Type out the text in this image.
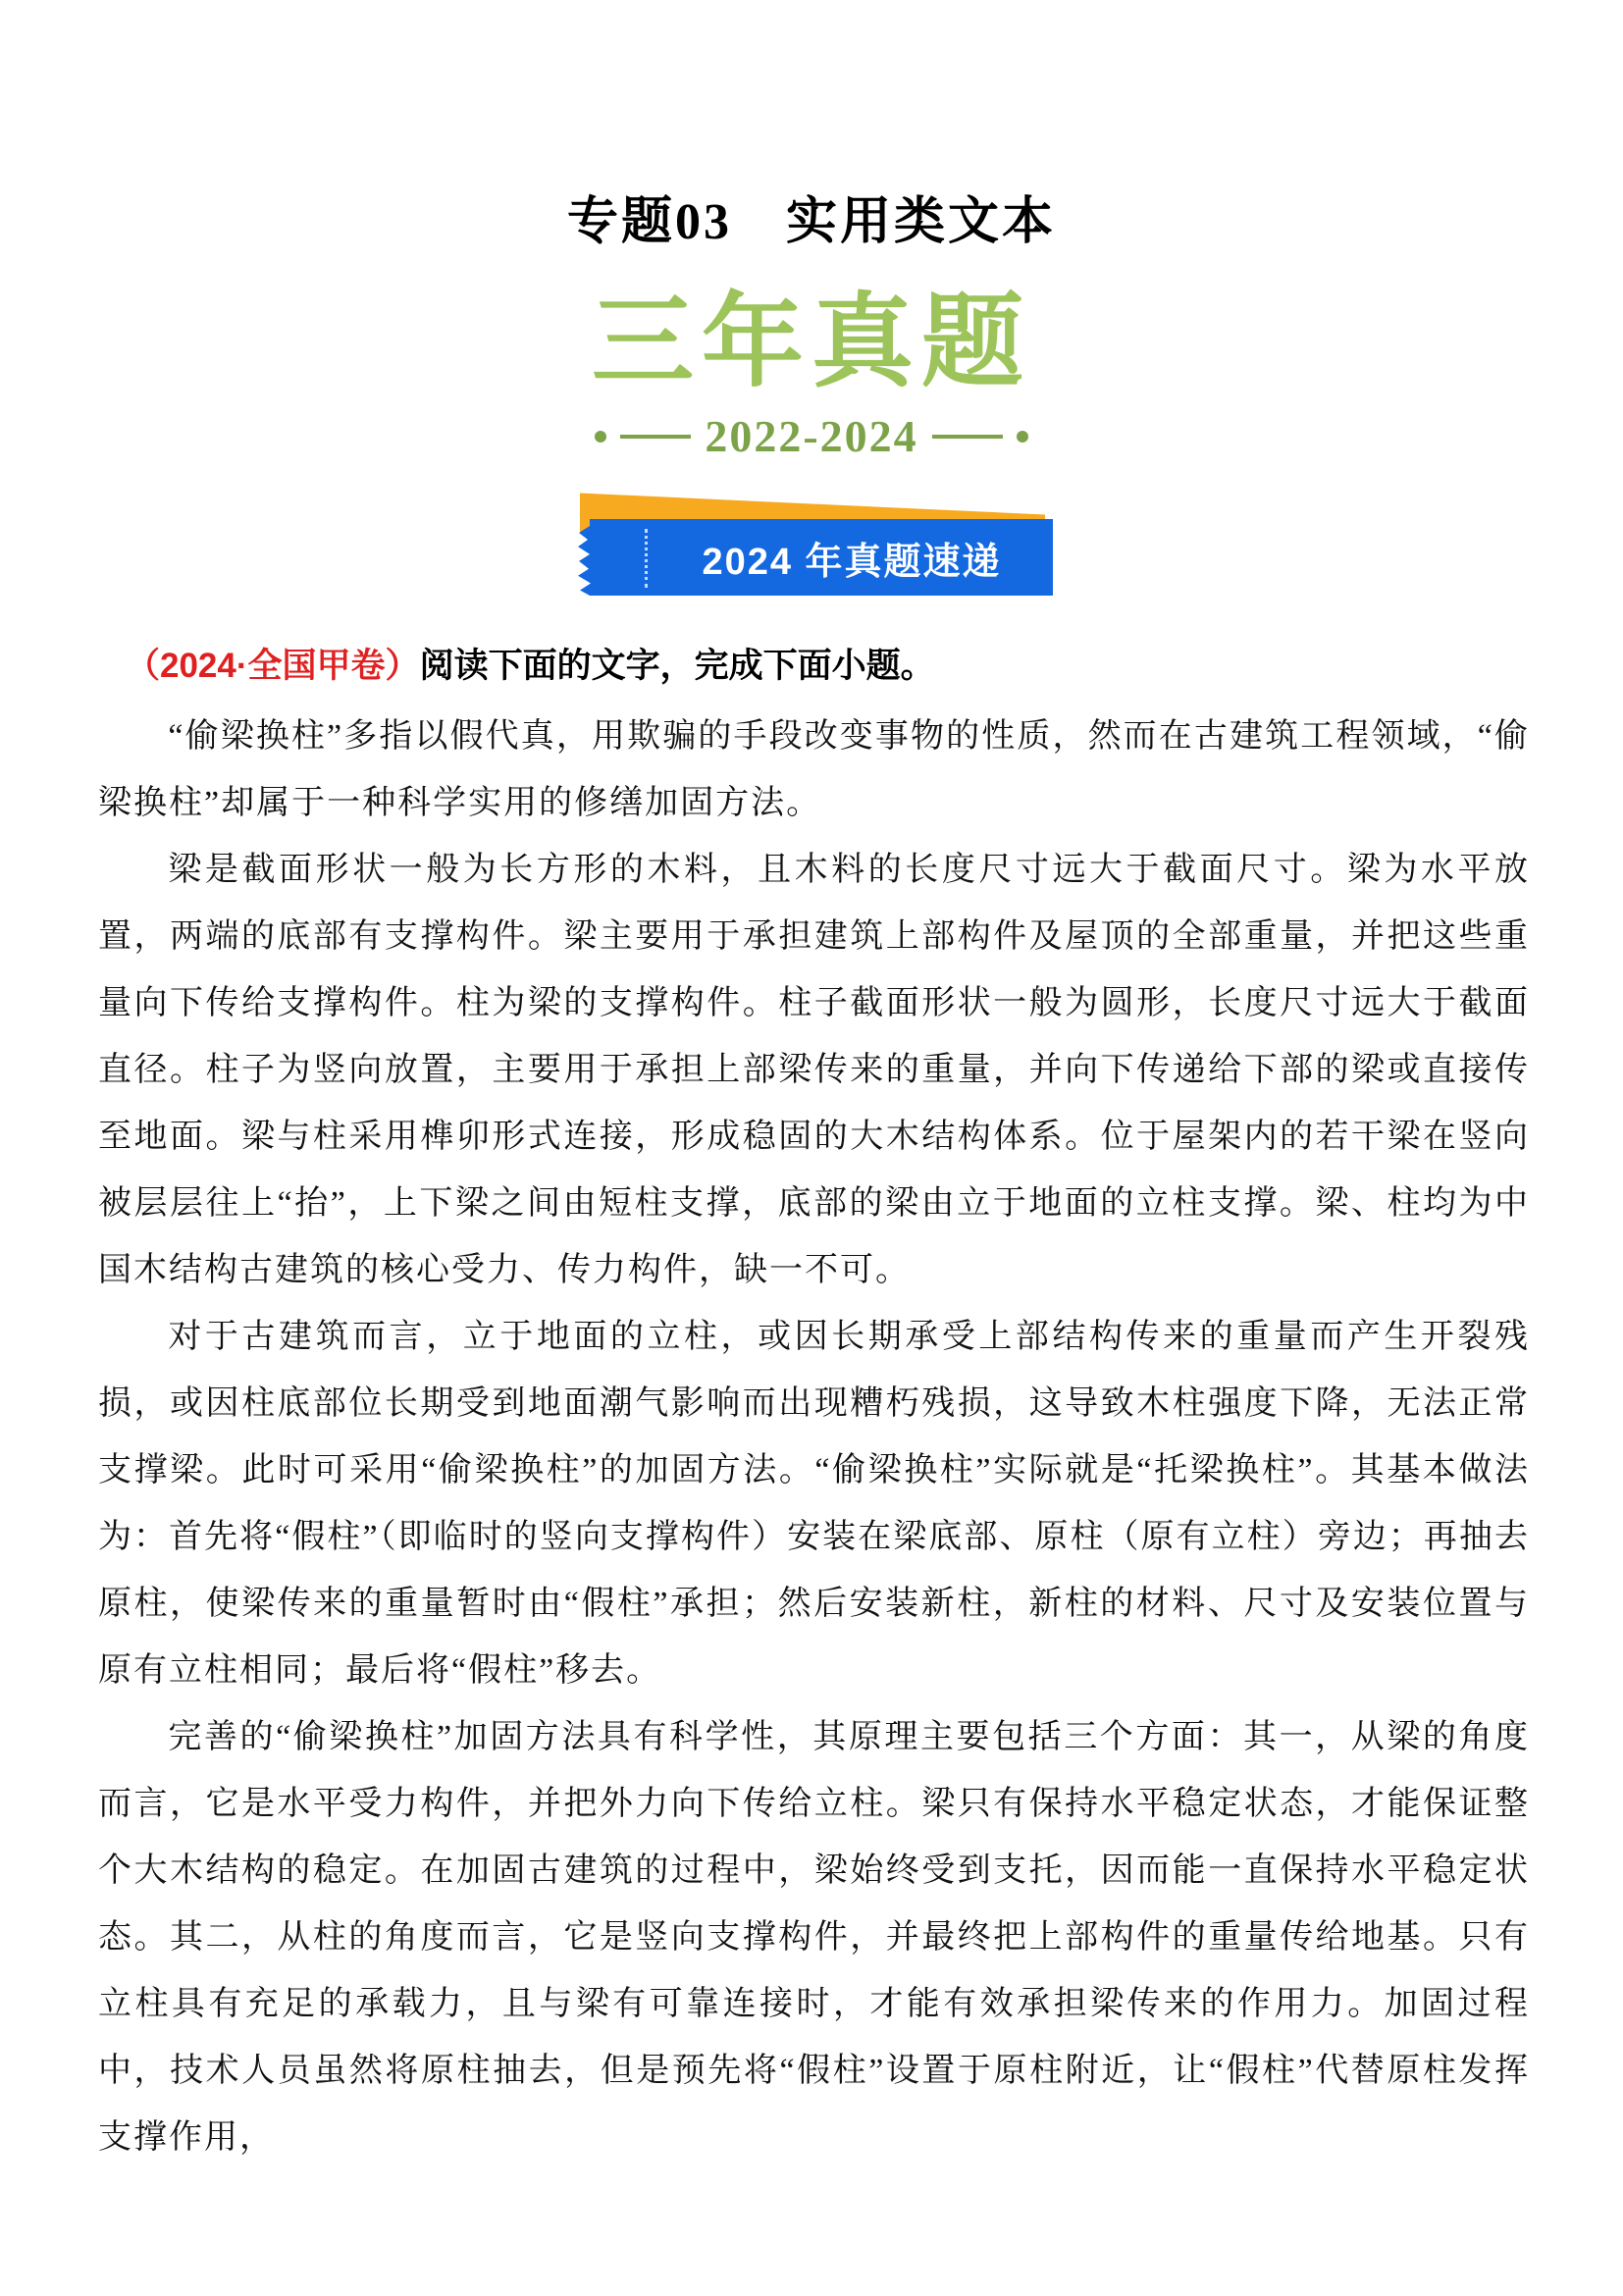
专题03　实用类文本
三年真题
2022-2024
2024 年真题速递
（2024·全国甲卷）阅读下面的文字，完成下面小题。

“偷梁换柱”多指以假代真，用欺骗的手段改变事物的性质，然而在古建筑工程领域，“偷梁换柱”却属于一种科学实用的修缮加固方法。

梁是截面形状一般为长方形的木料，且木料的长度尺寸远大于截面尺寸。梁为水平放置，两端的底部有支撑构件。梁主要用于承担建筑上部构件及屋顶的全部重量，并把这些重量向下传给支撑构件。柱为梁的支撑构件。柱子截面形状一般为圆形，长度尺寸远大于截面直径。柱子为竖向放置，主要用于承担上部梁传来的重量，并向下传递给下部的梁或直接传至地面。梁与柱采用榫卯形式连接，形成稳固的大木结构体系。位于屋架内的若干梁在竖向被层层往上“抬”，上下梁之间由短柱支撑，底部的梁由立于地面的立柱支撑。梁、柱均为中国木结构古建筑的核心受力、传力构件，缺一不可。

对于古建筑而言，立于地面的立柱，或因长期承受上部结构传来的重量而产生开裂残损，或因柱底部位长期受到地面潮气影响而出现糟朽残损，这导致木柱强度下降，无法正常支撑梁。此时可采用“偷梁换柱”的加固方法。“偷梁换柱”实际就是“托梁换柱”。其基本做法为：首先将“假柱”（即临时的竖向支撑构件）安装在梁底部、原柱（原有立柱）旁边；再抽去原柱，使梁传来的重量暂时由“假柱”承担；然后安装新柱，新柱的材料、尺寸及安装位置与原有立柱相同；最后将“假柱”移去。

完善的“偷梁换柱”加固方法具有科学性，其原理主要包括三个方面：其一，从梁的角度而言，它是水平受力构件，并把外力向下传给立柱。梁只有保持水平稳定状态，才能保证整个大木结构的稳定。在加固古建筑的过程中，梁始终受到支托，因而能一直保持水平稳定状态。其二，从柱的角度而言，它是竖向支撑构件，并最终把上部构件的重量传给地基。只有立柱具有充足的承载力，且与梁有可靠连接时，才能有效承担梁传来的作用力。加固过程中，技术人员虽然将原柱抽去，但是预先将“假柱”设置于原柱附近，让“假柱”代替原柱发挥支撑作用，
